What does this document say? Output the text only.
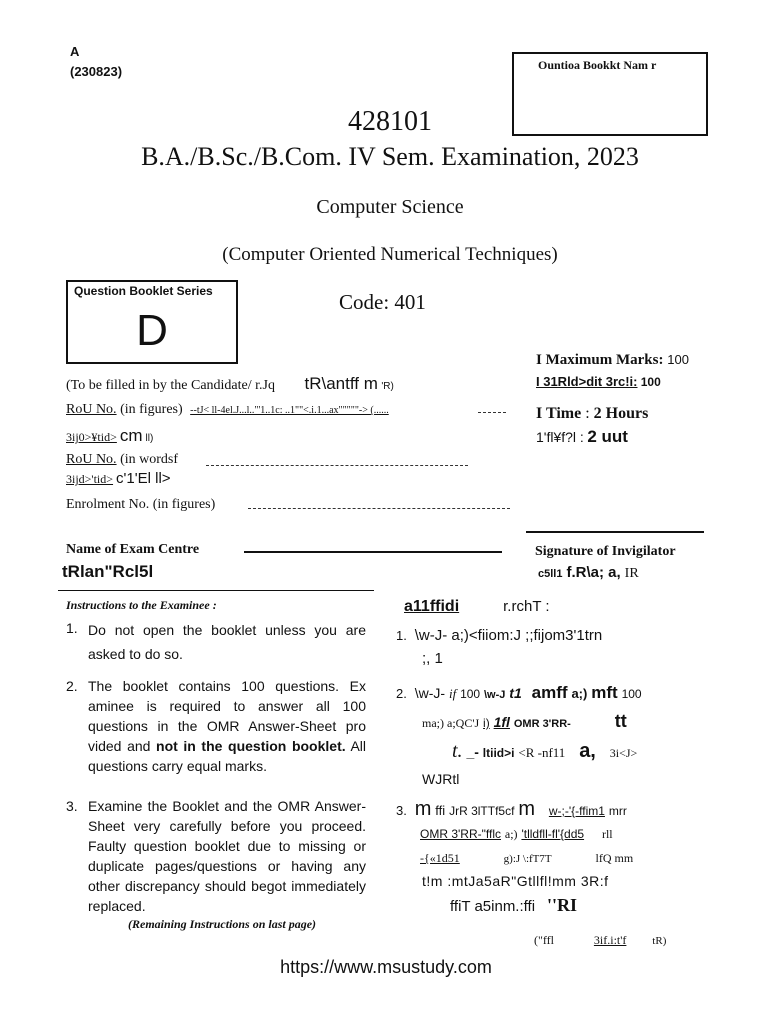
A
(230823)	Ountioa Bookkt Nam r
428101
B.A./B.Sc./B.Com. IV Sem. Examination, 2023
Computer Science
(Computer Oriented Numerical Techniques)
Question Booklet Series
D
Code: 401
I Maximum Marks: 100
I 31Rld>dit 3rc!i: 100
I Time : 2 Hours
1'fl¥f?l : 2 uut
(To be filled in by the Candidate/ r.Jq tR\antff m 'R)
RoU No. (in figures) --tJ< ll-4el.J...l.."'1..1c: ..1""<.i.1...ax"""""-> (......
3ij0>¥tid> cm ll)
RoU No. (in wordsf
3ijd>'tid> c'1'El ll>
Enrolment No. (in figures)
Name of Exam Centre
tRlan"Rcl5l
Signature of Invigilator
c5ll1 f.R\a; a, IR
Instructions to the Examinee :
1. Do not open the booklet unless you are asked to do so.
2. The booklet contains 100 questions. Ex aminee is required to answer all 100 questions in the OMR Answer-Sheet pro vided and not in the question booklet. All questions carry equal marks.
3. Examine the Booklet and the OMR Answer-Sheet very carefully before you proceed. Faulty question booklet due to missing or duplicate pages/questions or having any other discrepancy should begot immediately replaced.
(Remaining Instructions on last page)
a11ffidi	r.rchT :
1. \w-J- a;)<fiiom:J ;;fijom3'1trn
;, 1
2. \w-J- if 100 \w-J t1 amff a;) mft 100
ma;) a;QC'J i) 1fl OMR 3'RR- tt
t. _- ltiid>i <R -nf11 a, 3i<J>
WJRtl
3. m ffi JrR 3lTTf5cf m w-;-'{-ffim1 mrr
OMR 3'RR-"fflc a;) 'tlldfll-fl'{dd5 rll
-{«1d51	g):J \:fT7T	lfQ mm
t!m :mtJa5aR"Gtllfl!mm 3R:f
ffiT a5inm.:ffi ''RI
("ffl	3if.i:t'f tR)
https://www.msustudy.com
